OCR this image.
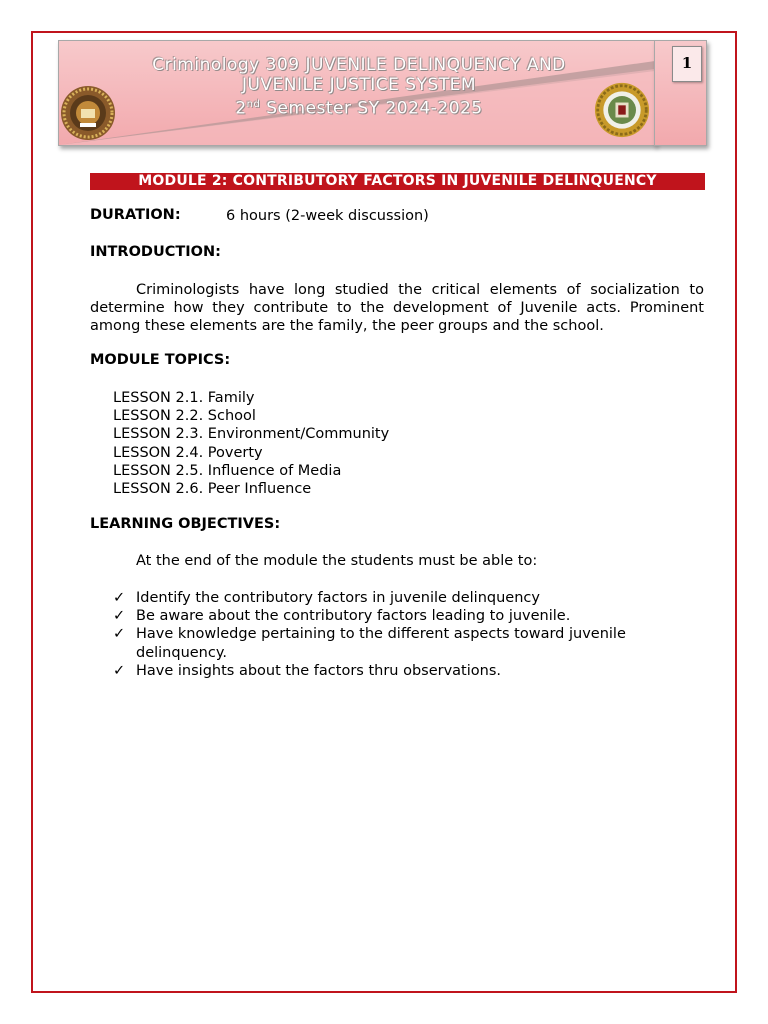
Criminology 309 JUVENILE DELINQUENCY AND
JUVENILE JUSTICE SYSTEM
2nd Semester SY 2024-2025
1
MODULE 2: CONTRIBUTORY FACTORS IN JUVENILE DELINQUENCY
DURATION:	6 hours (2-week discussion)
INTRODUCTION:
Criminologists have long studied the critical elements of socialization to determine how they contribute to the development of Juvenile acts. Prominent among these elements are the family, the peer groups and the school.
MODULE TOPICS:
LESSON 2.1. Family
LESSON 2.2. School
LESSON 2.3. Environment/Community
LESSON 2.4. Poverty
LESSON 2.5. Influence of Media
LESSON 2.6. Peer Influence
LEARNING OBJECTIVES:
At the end of the module the students must be able to:
✓ Identify the contributory factors in juvenile delinquency
✓ Be aware about the contributory factors leading to juvenile.
✓ Have knowledge pertaining to the different aspects toward juvenile delinquency.
✓ Have insights about the factors thru observations.
